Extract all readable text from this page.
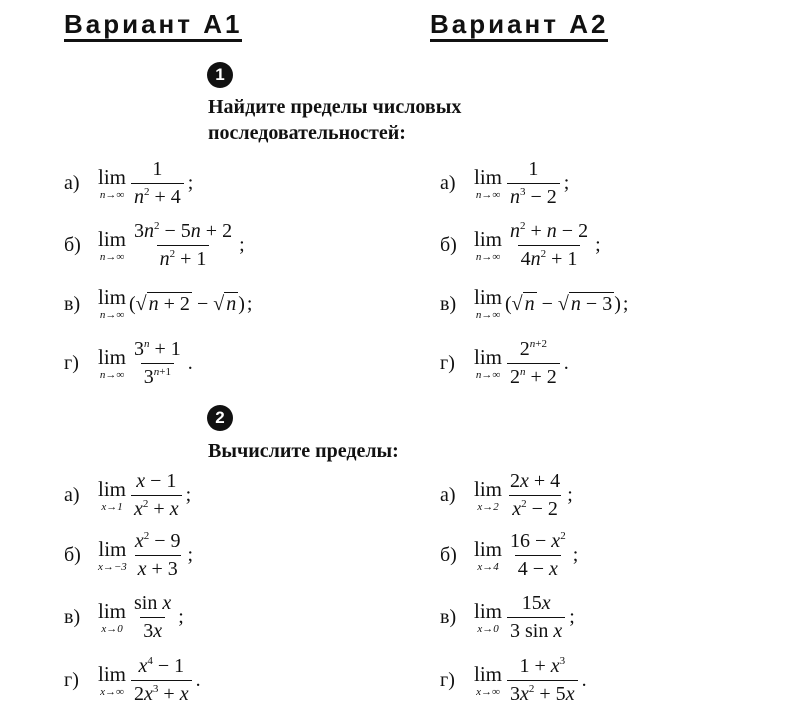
Вариант А1	Вариант А2
1
Найдите пределы числовых
последовательностей:
а) lim
$n\to\infty \frac{1}{n^2 + 4}$ ;
б) lim
$n\to\infty \frac{3n^2 - 5n + 2}{n^2 + 1}$ ;
в) lim
n→∞
(√ n + 2 − √ n ) ;
г) lim
$n\to\infty \frac{3^n + 1}{3^{n+1}}$ .
а) lim
$n\to\infty \frac{1}{n^3 - 2}$ ;
б) lim
$n\to\infty \frac{n^2 + n - 2}{4n^2 + 1}$ ;
в) lim
n→∞
(√ n − √ n − 3 ) ;
г) lim
$n\to\infty \frac{2^{n+2}}{2^n + 2}$ .
2
Вычислите пределы:
а) lim
$x\to 1 \frac{x - 1}{x^2 + x}$ ;
б) lim
$x\to-3 \frac{x^2 - 9}{x + 3}$ ;
в) lim
$x\to 0 \frac{\text{sin x}}{3x}$ ;
г) lim
$x\to\infty \frac{x^4 - 1}{2x^3 + x}$ .
а) lim
$x\to 2 \frac{2x + 4}{x^2 - 2}$ ;
б) lim
$x\to 4 \frac{16 - x^2}{4 - x}$ ;
в) lim
$x\to 0 \frac{15x}{\text{3 sin x}}$ ;
г) lim
$x\to\infty \frac{1 + x^3}{3x^2 + 5x}$ .
